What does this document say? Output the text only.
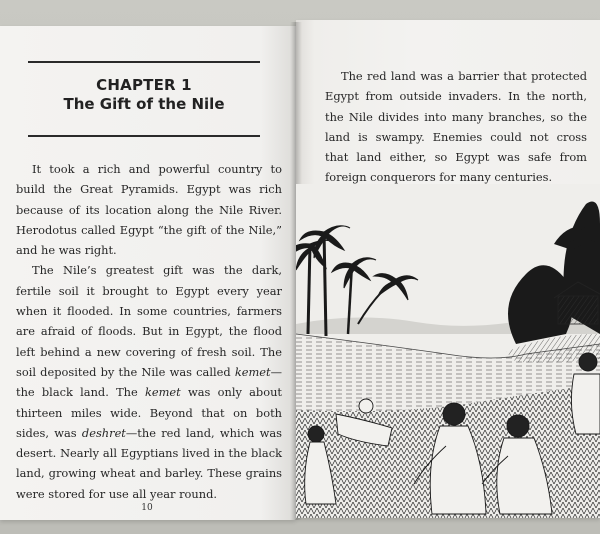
CHAPTER 1
The Gift of the Nile

It took a rich and powerful country to build the Great Pyramids. Egypt was rich because of its location along the Nile River. Herodotus called Egypt “the gift of the Nile,” and he was right.

The Nile’s greatest gift was the dark, fertile soil it brought to Egypt every year when it flooded. In some countries, farmers are afraid of floods. But in Egypt, the flood left behind a new covering of fresh soil. The soil deposited by the Nile was called kemet—the black land. The kemet was only about thirteen miles wide. Beyond that on both sides, was deshret—the red land, which was desert. Nearly all Egyptians lived in the black land, growing wheat and barley. These grains were stored for use all year round.

10

The red land was a barrier that protected Egypt from outside invaders. In the north, the Nile divides into many branches, so the land is swampy. Enemies could not cross that land either, so Egypt was safe from foreign conquerors for many centuries.
